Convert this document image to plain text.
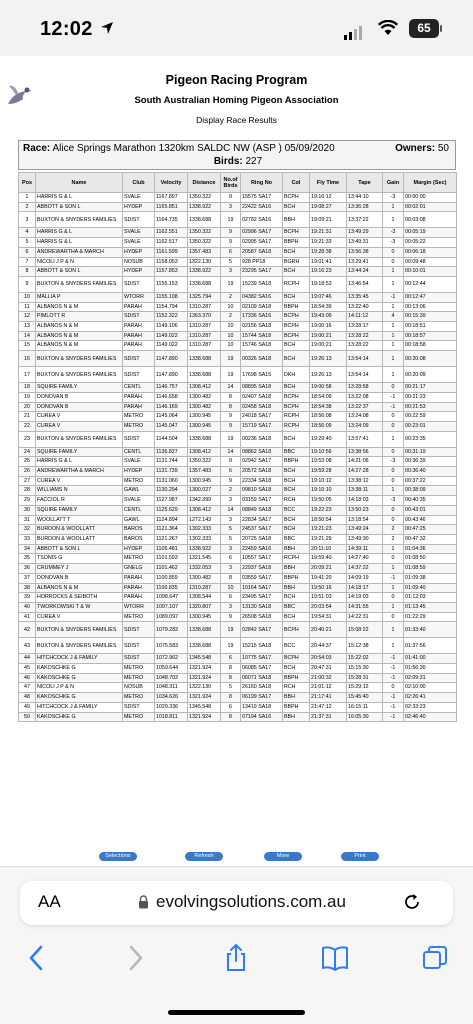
12:02	65
Pigeon Racing Program
South Australian Homing Pigeon Association
Display Race Results
Race: Alice Springs Marathon 1320km SALDC NW (ASP ) 05/09/2020	Owners: 50
Birds: 227
Pos	Name	Club	Velocity	Distance	No.of Birds	Ring No	Col	Fly Time	Tape	Gain	Margin (Sec)
1	HARRIS G & L	SVALE	1167.897	1350.322	9	15575 SA17	BCPH	19:16:12	13:44:10	-3	00:00:00
2	ABBOTT & SON L	HYDEP	1165.851	1338.922	3	22422 SA16	BCH	19:08:27	13:36:28	1	00:02:01
3	BUXTON & SNYDERS FAMILIES	SDIST	1164.735	1338.688	19	02782 SA16	BBH	19:09:21	13:37:22	1	00:03:08
4	HARRIS G & L	SVALE	1162.551	1350.322	9	02996 SA17	BCPH	19:21:31	13:49:29	-3	00:05:19
5	HARRIS G & L	SVALE	1162.517	1350.322	9	02995 SA17	BBPH	19:21:33	13:49:31	-3	00:05:22
6	ANDREWARTHA & MARCH	HYDEP	1161.599	1357.483	6	20587 SA18	BCH	19:28:38	13:56:38	0	00:06:18
7	NICOLI J P & N	NOSUB	1158.053	1322.130	5	928 PP18	BGRH	19:01:41	13:29:41	0	00:09:48
8	ABBOTT & SON L	HYDEP	1157.853	1338.922	3	23295 SA17	BCH	19:16:23	13:44:24	1	00:10:01
9	BUXTON & SNYDERS FAMILIES	SDIST	1155.153	1338.688	19	15239 SA18	RCPH	19:18:53	13:46:54	1	00:12:44
10	MALLIA P	WTORR	1155.108	1325.794	2	04382 SA16	BCH	19:07:46	13:35:45	-1	00:12:47
11	ALBANOS N & M	PARAH	1154.794	1310.287	10	02109 SA18	BBPH	18:54:39	13:22:40	1	00:13:06
12	PIMLOTT R	SDIST	1152.322	1363.370	2	17336 SA16	BCPH	19:43:09	14:11:12	4	00:15:39
13	ALBANOS N & M	PARAH	1149.106	1310.287	10	02156 SA18	BCPH	19:00:16	13:28:17	1	00:18:51
14	ALBANOS N & M	PARAH	1149.022	1310.287	10	15744 SA18	BCPH	19:00:21	13:28:22	1	00:18:57
15	ALBANOS N & M	PARAH	1149.022	1310.287	10	15746 SA18	BCH	19:00:21	13:28:22	1	00:18:58
16	BUXTON & SNYDERS FAMILIES	SDIST	1147.890	1338.688	19	00326 SA18	BCH	19:26:13	13:54:14	1	00:20:08
17	BUXTON & SNYDERS FAMILIES	SDIST	1147.890	1338.688	19	17698 SA15	DKH	19:26:13	13:54:14	1	00:20:09
18	SQUIRE FAMILY	CENTL	1146.757	1308.412	14	08895 SA18	BCH	19:00:58	13:28:58	0	00:21:17
19	DONOVAN B	PARAH	1146.658	1300.482	8	02407 SA18	BCPH	18:54:09	13:22:08	-1	00:21:23
20	DONOVAN B	PARAH	1146.169	1300.482	8	02458 SA18	BCPH	18:54:38	13:22:37	-1	00:21:53
21	CUREA V	METRO	1145.064	1300.945	9	24018 SA17	RCPH	18:56:08	13:24:08	0	00:22:59
22	CUREA V	METRO	1145.047	1300.945	9	15719 SA17	RCPH	18:56:09	13:24:09	0	00:23:01
23	BUXTON & SNYDERS FAMILIES	SDIST	1144.504	1338.688	19	00236 SA18	BCH	19:29:40	13:57:41	1	00:23:35
24	SQUIRE FAMILY	CENTL	1136.827	1308.412	14	08862 SA18	BBC	19:10:56	13:38:56	0	00:31:19
25	HARRIS G & L	SVALE	1131.744	1350.322	9	02942 SA17	BBPH	19:53:08	14:21:06	-3	00:36:39
26	ANDREWARTHA & MARCH	HYDEP	1131.739	1357.483	6	20572 SA18	BCH	19:59:28	14:27:28	0	00:36:40
27	CUREA V	METRO	1131.060	1300.945	9	22334 SA18	BCH	19:10:12	13:38:12	0	00:37:22
28	WILLIAMS N	GAWL	1130.294	1300.027	2	09810 SA18	BCH	19:10:10	13:38:11	1	00:38:09
29	FACCIOL R	SVALE	1127.987	1342.399	3	03159 SA17	RCH	19:50:05	14:18:03	-3	00:40:35
30	SQUIRE FAMILY	CENTL	1125.629	1308.412	14	08849 SA18	BCC	19:22:23	13:50:23	0	00:43:01
31	WOOLLATT T	GAWL	1124.894	1272.143	3	22834 SA17	BCH	18:50:54	13:18:54	0	00:43:46
32	BURDON & WOOLLATT	BAROS	1121.364	1302.333	5	24537 SA17	BCH	19:21:23	13:49:24	2	00:47:25
33	BURDON & WOOLLATT	BAROS	1121.267	1302.333	5	20725 SA18	BBC	19:21:29	13:49:30	2	00:47:32
34	ABBOTT & SON L	HYDEP	1105.481	1338.922	3	22459 SA16	BBH	20:11:10	14:39:11	1	01:04:36
35	TSONIS G	METRO	1101.593	1321.545	6	10557 SA17	RCPH	19:59:40	14:27:40	0	01:08:50
36	CRUMMEY J	GNELG	1101.462	1332.053	3	22937 SA18	BBH	20:09:21	14:37:22	1	01:08:59
37	DONOVAN B	PARAH	1100.859	1300.482	8	03559 SA17	BBPH	19:41:20	14:09:19	-1	01:09:38
38	ALBANOS N & M	PARAH	1100.835	1310.287	10	10164 SA17	BBH	19:50:16	14:18:17	1	01:09:40
39	HORROCKS & SEIBOTH	PARAH	1098.647	1308.544	6	23495 SA17	BCH	19:51:03	14:19:03	0	01:12:03
40	TWORKOWSKI T & W	WTORR	1097.107	1320.807	3	13130 SA18	BBC	20:03:54	14:31:55	1	01:13:45
41	CUREA V	METRO	1089.097	1300.945	9	26508 SA18	BCH	19:54:31	14:22:31	0	01:22:29
42	BUXTON & SNYDERS FAMILIES	SDIST	1079.282	1338.688	19	02842 SA17	BCPH	20:40:21	15:08:22	1	01:33:40
43	BUXTON & SNYDERS FAMILIES	SDIST	1075.583	1338.688	19	15215 SA18	BCC	20:44:37	15:12:38	1	01:37:56
44	HITCHCOCK J & FAMILY	SDIST	1072.962	1345.548	6	10775 SA17	BCPH	20:54:03	15:22:02	-1	01:41:00
45	KAKOSCHKE G	METRO	1059.644	1321.924	8	06085 SA17	BCH	20:47:31	15:15:30	-1	01:56:30
46	KAKOSCHKE G	METRO	1048.702	1321.924	8	06071 SA18	BBPH	21:00:32	15:28:31	-1	02:09:31
47	NICOLI J P & N	NOSUB	1048.311	1322.130	5	26160 SA18	RCH	21:01:12	15:29:12	0	02:10:00
48	KAKOSCHKE G	METRO	1034.626	1321.924	8	06199 SA17	BBH	21:17:41	15:45:40	-1	02:26:41
49	HITCHCOCK J & FAMILY	SDIST	1029.336	1345.548	6	13419 SA18	BBPH	21:47:12	16:15:11	-1	02:33:23
50	KAKOSCHKE G	METRO	1018.811	1321.924	8	07194 SA16	BBH	21:37:31	16:05:30	-1	02:46:40
Selections	Refresh	More	Print
AA	evolvingsolutions.com.au
